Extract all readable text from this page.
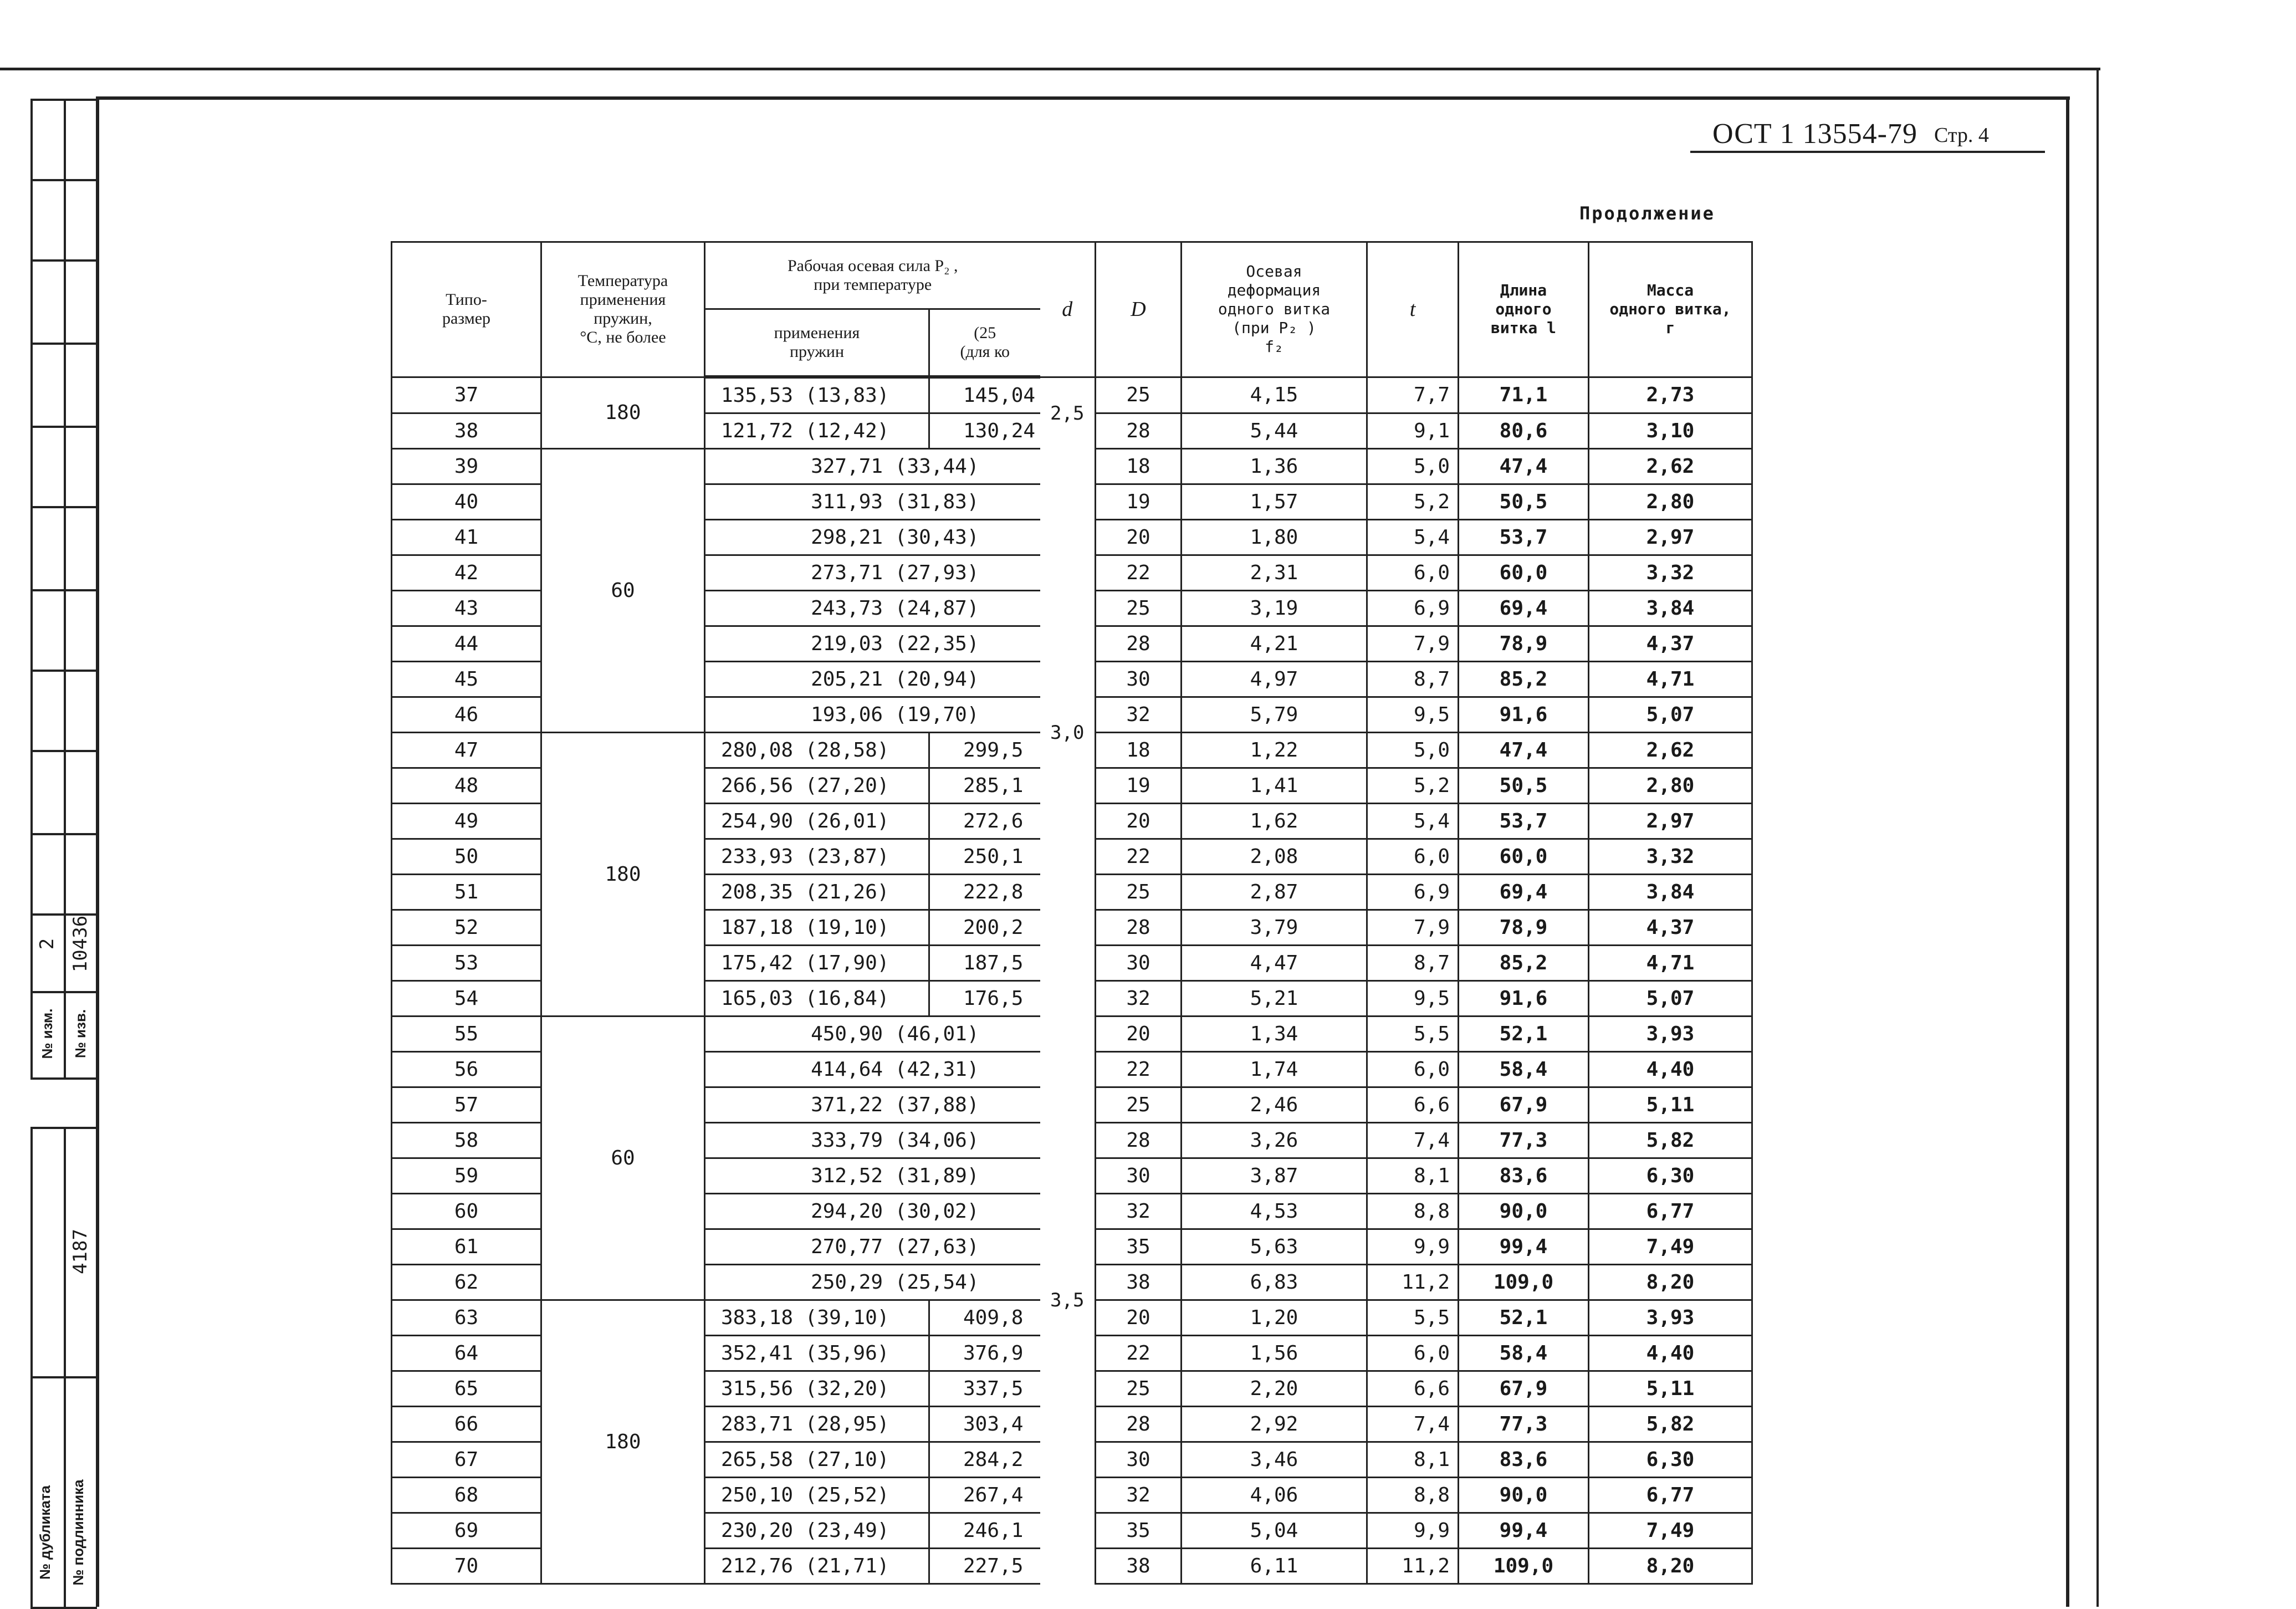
2 10436
№ изм. № изв.
4187
№ дубликата № подлинника
ОСТ 1 13554-79 Стр. 4
Продолжение
Типо-
размер	Температура
применения
пружин,
°С, не более	Рабочая осевая сила P₂ ,
при температуре		d	D	Осевая
деформация
одного витка
(при P₂ )
f₂	t	Длина
одного
витка l	Масса
одного витка,
г
		применения
пружин	(25
(для ко						
37	180	135,53 (13,83)	145,04	2,5	25	4,15	7,7	71,1	2,73
38		121,72 (12,42)	130,24		28	5,44	9,1	80,6	3,10
39	60	327,71 (33,44)		3,0	18	1,36	5,0	47,4	2,62
40		311,93 (31,83)			19	1,57	5,2	50,5	2,80
41		298,21 (30,43)			20	1,80	5,4	53,7	2,97
42		273,71 (27,93)			22	2,31	6,0	60,0	3,32
43		243,73 (24,87)			25	3,19	6,9	69,4	3,84
44		219,03 (22,35)			28	4,21	7,9	78,9	4,37
45		205,21 (20,94)			30	4,97	8,7	85,2	4,71
46		193,06 (19,70)			32	5,79	9,5	91,6	5,07
47	180	280,08 (28,58)	299,5		18	1,22	5,0	47,4	2,62
48		266,56 (27,20)	285,1		19	1,41	5,2	50,5	2,80
49		254,90 (26,01)	272,6		20	1,62	5,4	53,7	2,97
50		233,93 (23,87)	250,1		22	2,08	6,0	60,0	3,32
51		208,35 (21,26)	222,8		25	2,87	6,9	69,4	3,84
52		187,18 (19,10)	200,2		28	3,79	7,9	78,9	4,37
53		175,42 (17,90)	187,5		30	4,47	8,7	85,2	4,71
54		165,03 (16,84)	176,5		32	5,21	9,5	91,6	5,07
55	60	450,90 (46,01)		3,5	20	1,34	5,5	52,1	3,93
56		414,64 (42,31)			22	1,74	6,0	58,4	4,40
57		371,22 (37,88)			25	2,46	6,6	67,9	5,11
58		333,79 (34,06)			28	3,26	7,4	77,3	5,82
59		312,52 (31,89)			30	3,87	8,1	83,6	6,30
60		294,20 (30,02)			32	4,53	8,8	90,0	6,77
61		270,77 (27,63)			35	5,63	9,9	99,4	7,49
62		250,29 (25,54)			38	6,83	11,2	109,0	8,20
63	180	383,18 (39,10)	409,8		20	1,20	5,5	52,1	3,93
64		352,41 (35,96)	376,9		22	1,56	6,0	58,4	4,40
65		315,56 (32,20)	337,5		25	2,20	6,6	67,9	5,11
66		283,71 (28,95)	303,4		28	2,92	7,4	77,3	5,82
67		265,58 (27,10)	284,2		30	3,46	8,1	83,6	6,30
68		250,10 (25,52)	267,4		32	4,06	8,8	90,0	6,77
69		230,20 (23,49)	246,1		35	5,04	9,9	99,4	7,49
70		212,76 (21,71)	227,5		38	6,11	11,2	109,0	8,20
